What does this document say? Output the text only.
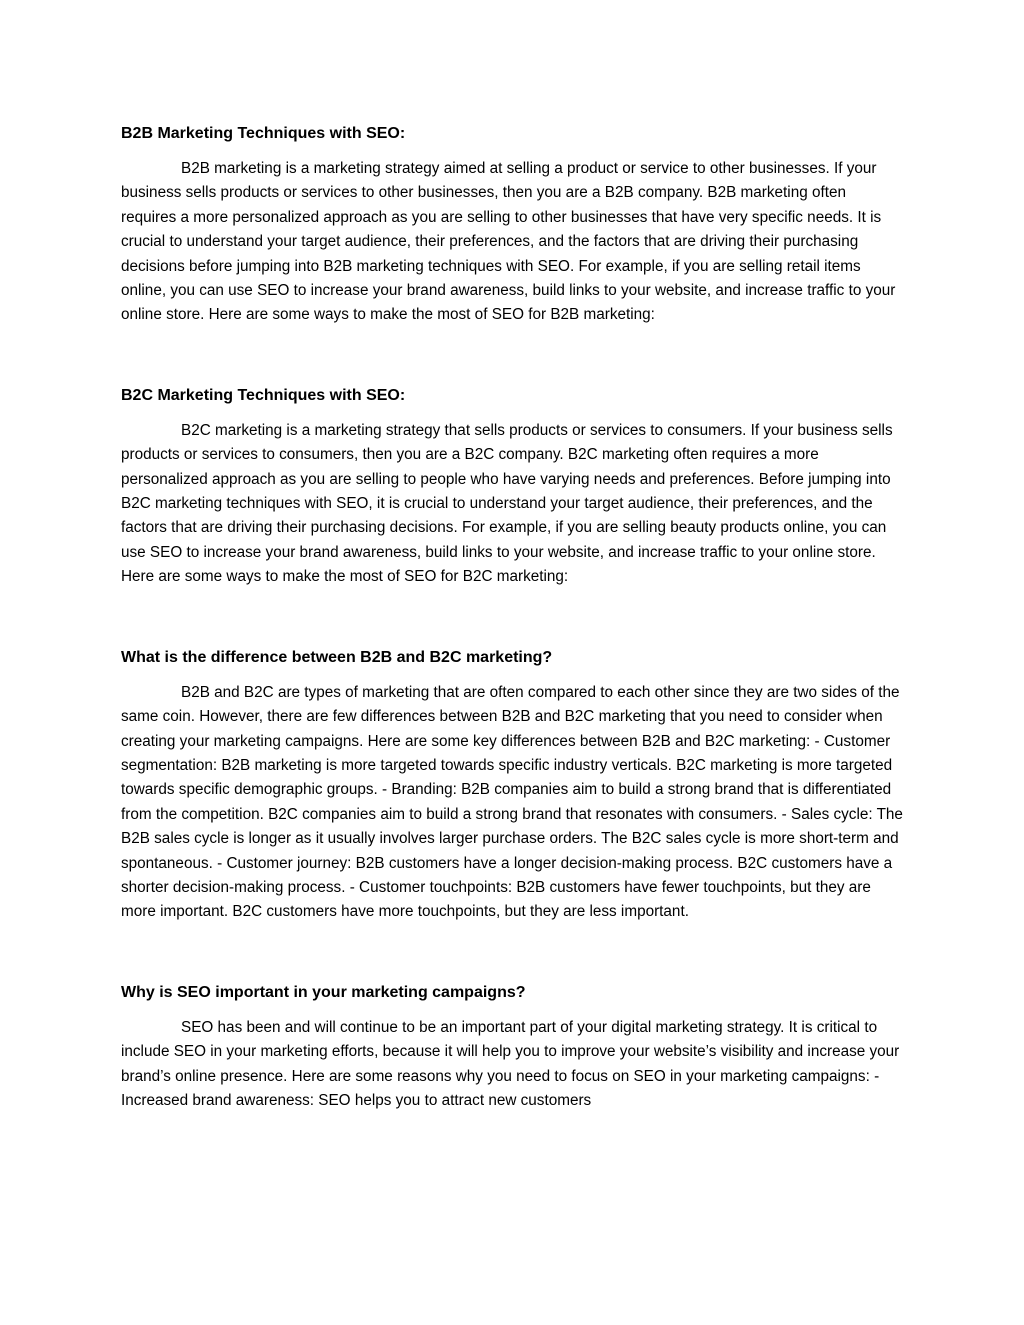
B2B Marketing Techniques with SEO:

B2B marketing is a marketing strategy aimed at selling a product or service to other businesses. If your business sells products or services to other businesses, then you are a B2B company. B2B marketing often requires a more personalized approach as you are selling to other businesses that have very specific needs. It is crucial to understand your target audience, their preferences, and the factors that are driving their purchasing decisions before jumping into B2B marketing techniques with SEO. For example, if you are selling retail items online, you can use SEO to increase your brand awareness, build links to your website, and increase traffic to your online store. Here are some ways to make the most of SEO for B2B marketing:

B2C Marketing Techniques with SEO:

B2C marketing is a marketing strategy that sells products or services to consumers. If your business sells products or services to consumers, then you are a B2C company. B2C marketing often requires a more personalized approach as you are selling to people who have varying needs and preferences. Before jumping into B2C marketing techniques with SEO, it is crucial to understand your target audience, their preferences, and the factors that are driving their purchasing decisions. For example, if you are selling beauty products online, you can use SEO to increase your brand awareness, build links to your website, and increase traffic to your online store. Here are some ways to make the most of SEO for B2C marketing:

What is the difference between B2B and B2C marketing?

B2B and B2C are types of marketing that are often compared to each other since they are two sides of the same coin. However, there are few differences between B2B and B2C marketing that you need to consider when creating your marketing campaigns. Here are some key differences between B2B and B2C marketing: - Customer segmentation: B2B marketing is more targeted towards specific industry verticals. B2C marketing is more targeted towards specific demographic groups. - Branding: B2B companies aim to build a strong brand that is differentiated from the competition. B2C companies aim to build a strong brand that resonates with consumers. - Sales cycle: The B2B sales cycle is longer as it usually involves larger purchase orders. The B2C sales cycle is more short-term and spontaneous. - Customer journey: B2B customers have a longer decision-making process. B2C customers have a shorter decision-making process. - Customer touchpoints: B2B customers have fewer touchpoints, but they are more important. B2C customers have more touchpoints, but they are less important.

Why is SEO important in your marketing campaigns?

SEO has been and will continue to be an important part of your digital marketing strategy. It is critical to include SEO in your marketing efforts, because it will help you to improve your website’s visibility and increase your brand’s online presence. Here are some reasons why you need to focus on SEO in your marketing campaigns: - Increased brand awareness: SEO helps you to attract new customers
